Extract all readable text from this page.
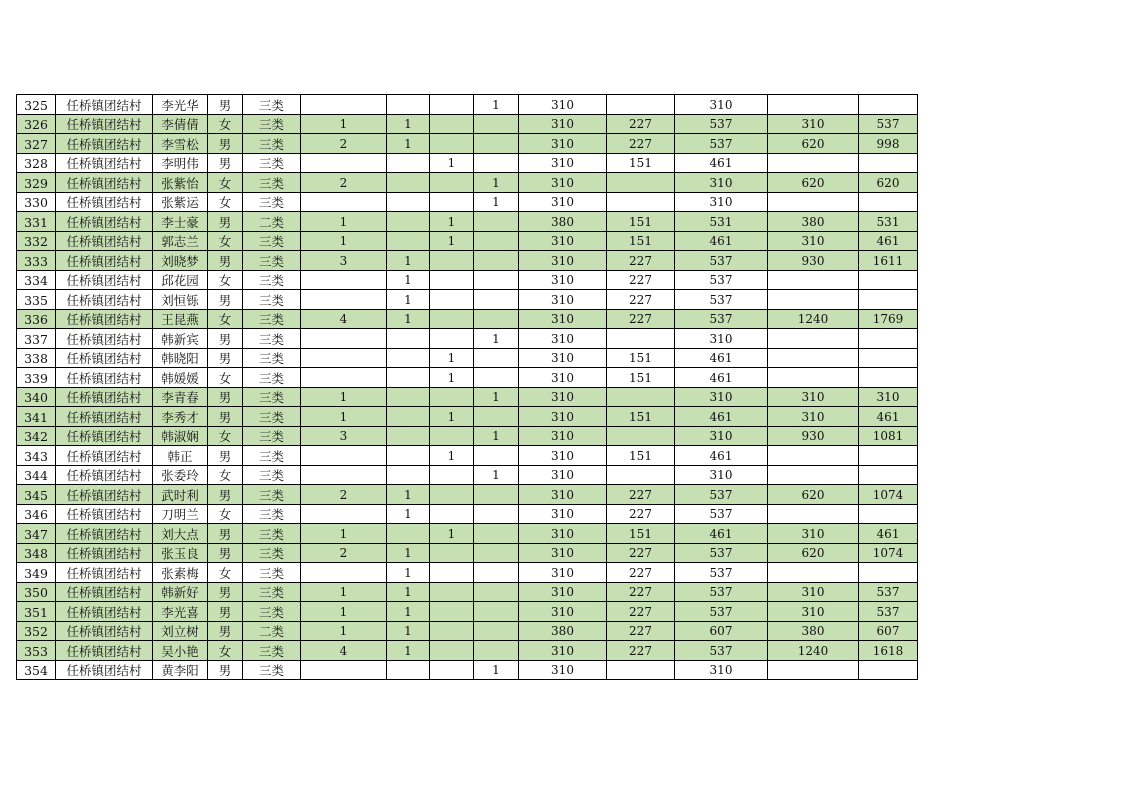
325	任桥镇团结村	李光华	男	三类				1	310		310		
326	任桥镇团结村	李倩倩	女	三类	1	1			310	227	537	310	537
327	任桥镇团结村	李雪松	男	三类	2	1			310	227	537	620	998
328	任桥镇团结村	李明伟	男	三类			1		310	151	461		
329	任桥镇团结村	张紫怡	女	三类	2			1	310		310	620	620
330	任桥镇团结村	张紫运	女	三类				1	310		310		
331	任桥镇团结村	李士豪	男	二类	1		1		380	151	531	380	531
332	任桥镇团结村	郭志兰	女	三类	1		1		310	151	461	310	461
333	任桥镇团结村	刘晓梦	男	三类	3	1			310	227	537	930	1611
334	任桥镇团结村	邱花园	女	三类		1			310	227	537		
335	任桥镇团结村	刘恒铄	男	三类		1			310	227	537		
336	任桥镇团结村	王昆燕	女	三类	4	1			310	227	537	1240	1769
337	任桥镇团结村	韩新宾	男	三类				1	310		310		
338	任桥镇团结村	韩晓阳	男	三类			1		310	151	461		
339	任桥镇团结村	韩媛媛	女	三类			1		310	151	461		
340	任桥镇团结村	李青春	男	三类	1			1	310		310	310	310
341	任桥镇团结村	李秀才	男	三类	1		1		310	151	461	310	461
342	任桥镇团结村	韩淑娴	女	三类	3			1	310		310	930	1081
343	任桥镇团结村	韩正	男	三类			1		310	151	461		
344	任桥镇团结村	张委玲	女	三类				1	310		310		
345	任桥镇团结村	武时利	男	三类	2	1			310	227	537	620	1074
346	任桥镇团结村	刀明兰	女	三类		1			310	227	537		
347	任桥镇团结村	刘大点	男	三类	1		1		310	151	461	310	461
348	任桥镇团结村	张玉良	男	三类	2	1			310	227	537	620	1074
349	任桥镇团结村	张素梅	女	三类		1			310	227	537		
350	任桥镇团结村	韩新好	男	三类	1	1			310	227	537	310	537
351	任桥镇团结村	李光喜	男	三类	1	1			310	227	537	310	537
352	任桥镇团结村	刘立树	男	二类	1	1			380	227	607	380	607
353	任桥镇团结村	吴小艳	女	三类	4	1			310	227	537	1240	1618
354	任桥镇团结村	黄李阳	男	三类				1	310		310		
